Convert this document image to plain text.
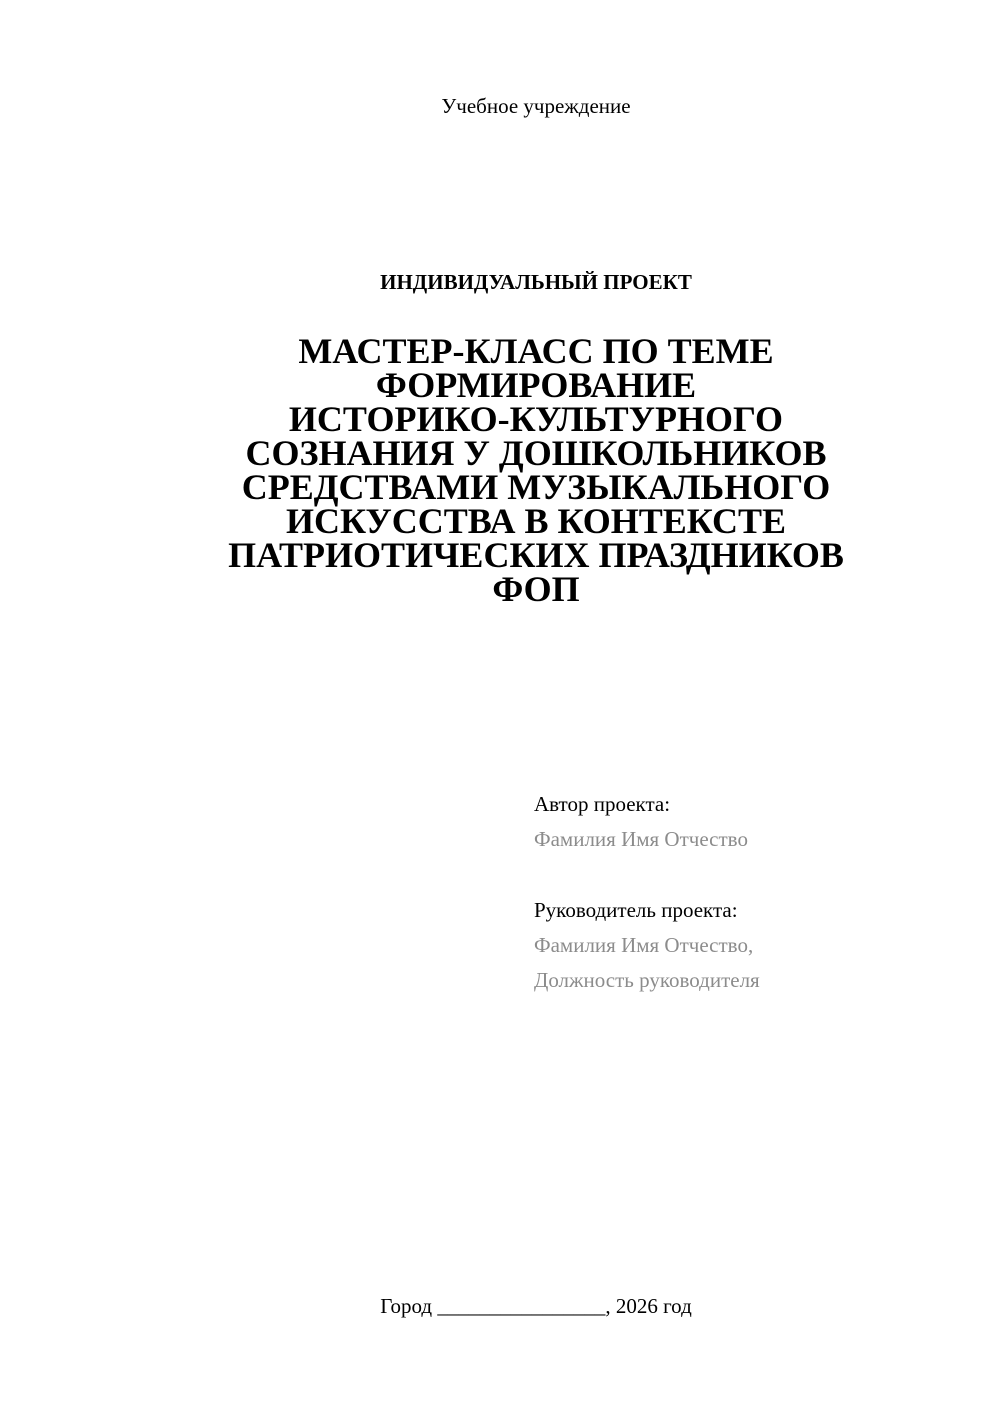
Учебное учреждение
ИНДИВИДУАЛЬНЫЙ ПРОЕКТ
МАСТЕР-КЛАСС ПО ТЕМЕ
ФОРМИРОВАНИЕ
ИСТОРИКО-КУЛЬТУРНОГО
СОЗНАНИЯ У ДОШКОЛЬНИКОВ
СРЕДСТВАМИ МУЗЫКАЛЬНОГО
ИСКУССТВА В КОНТЕКСТЕ
ПАТРИОТИЧЕСКИХ ПРАЗДНИКОВ
ФОП
Автор проекта:
Фамилия Имя Отчество
Руководитель проекта:
Фамилия Имя Отчество,
Должность руководителя
Город ________________, 2026 год
